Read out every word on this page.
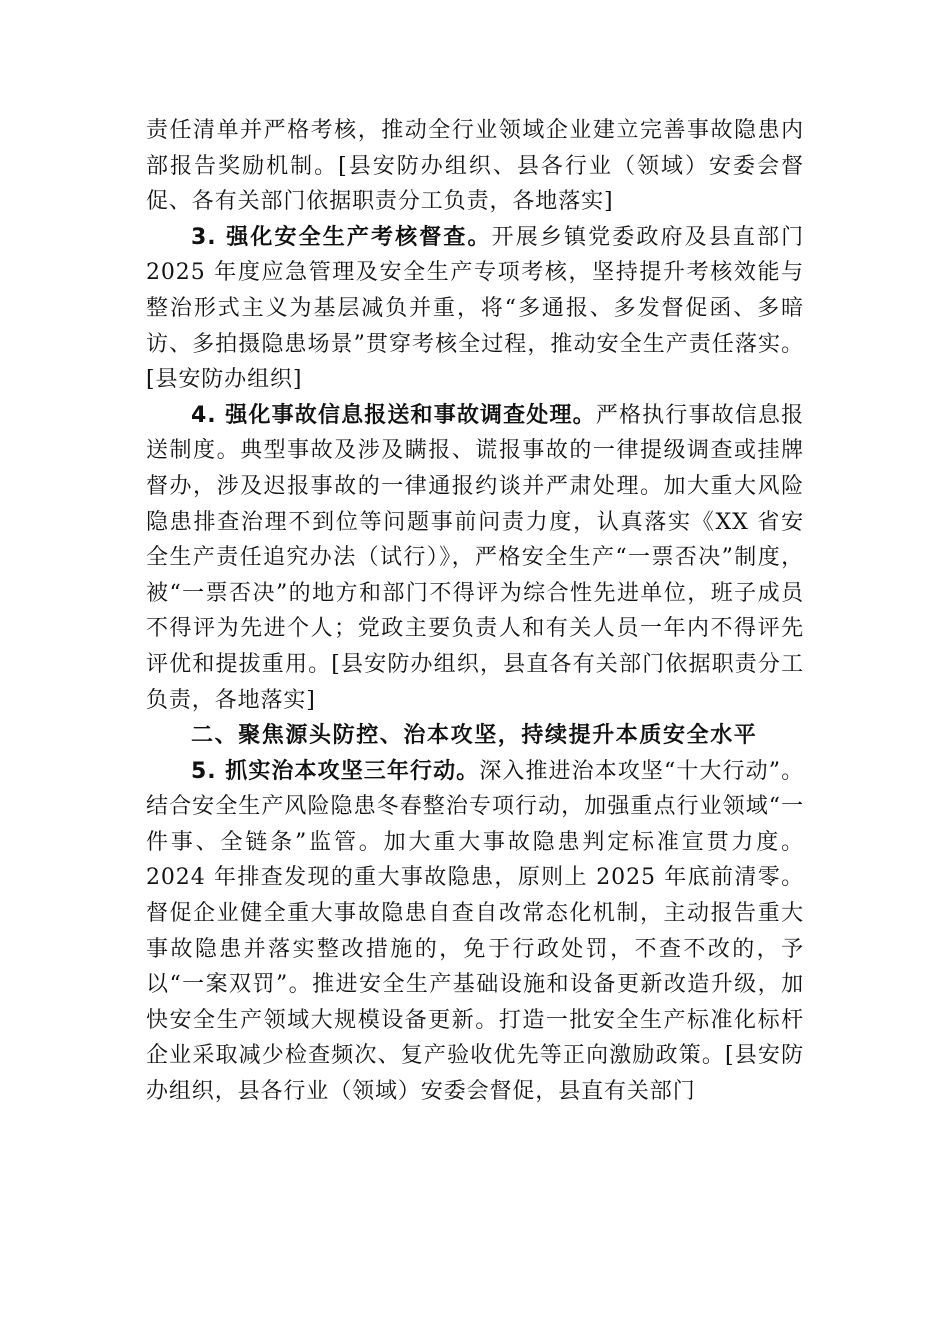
责任清单并严格考核，推动全行业领域企业建立完善事故隐患内部报告奖励机制。[县安防办组织、县各行业（领域）安委会督促、各有关部门依据职责分工负责，各地落实]

3. 强化安全生产考核督查。开展乡镇党委政府及县直部门 2025 年度应急管理及安全生产专项考核，坚持提升考核效能与整治形式主义为基层减负并重，将“多通报、多发督促函、多暗访、多拍摄隐患场景”贯穿考核全过程，推动安全生产责任落实。[县安防办组织]

4. 强化事故信息报送和事故调查处理。严格执行事故信息报送制度。典型事故及涉及瞒报、谎报事故的一律提级调查或挂牌督办，涉及迟报事故的一律通报约谈并严肃处理。加大重大风险隐患排查治理不到位等问题事前问责力度，认真落实《XX 省安全生产责任追究办法（试行）》，严格安全生产“一票否决”制度，被“一票否决”的地方和部门不得评为综合性先进单位，班子成员不得评为先进个人；党政主要负责人和有关人员一年内不得评先评优和提拔重用。[县安防办组织，县直各有关部门依据职责分工负责，各地落实]

二、聚焦源头防控、治本攻坚，持续提升本质安全水平

5. 抓实治本攻坚三年行动。深入推进治本攻坚“十大行动”。结合安全生产风险隐患冬春整治专项行动，加强重点行业领域“一件事、全链条”监管。加大重大事故隐患判定标准宣贯力度。2024 年排查发现的重大事故隐患，原则上 2025 年底前清零。督促企业健全重大事故隐患自查自改常态化机制，主动报告重大事故隐患并落实整改措施的，免于行政处罚，不查不改的，予以“一案双罚”。推进安全生产基础设施和设备更新改造升级，加快安全生产领域大规模设备更新。打造一批安全生产标准化标杆企业采取减少检查频次、复产验收优先等正向激励政策。[县安防办组织，县各行业（领域）安委会督促，县直有关部门
